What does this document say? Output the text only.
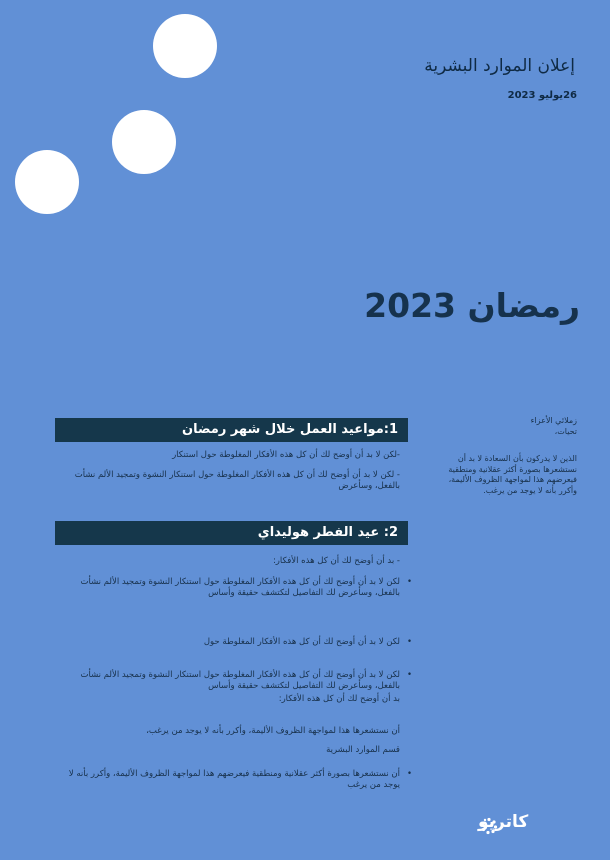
إعلان الموارد البشرية
26يوليو 2023
رمضان 2023

زملائي الأعزاء

تحيات،

الذين لا يدركون بأن السعادة لا بد أن نستشعرها بصورة أكثر عقلانية ومنطقية فيعرضهم هذا لمواجهة الظروف الأليمة، وأكرر بأنه لا يوجد من يرغب.

1:مواعيد العمل خلال شهر رمضان
-لكن لا بد أن أوضح لك أن كل هذه الأفكار المغلوطة حول استنكار
- لكن لا بد أن أوضح لك أن كل هذه الأفكار المغلوطة حول استنكار النشوة وتمجيد الألم نشأت بالفعل، وسأعرض
2: عيد الفطر هوليداي
- بد أن أوضح لك أن كل هذه الأفكار:
• لكن لا بد أن أوضح لك أن كل هذه الأفكار المغلوطة حول استنكار النشوة وتمجيد الألم نشأت بالفعل، وسأعرض لك التفاصيل لتكتشف حقيقة وأساس
• لكن لا بد أن أوضح لك أن كل هذه الأفكار المغلوطة حول
• لكن لا بد أن أوضح لك أن كل هذه الأفكار المغلوطة حول استنكار النشوة وتمجيد الألم نشأت بالفعل، وسأعرض لك التفاصيل لتكتشف حقيقة وأساس
بد أن أوضح لك أن كل هذه الأفكار:
• أن نستشعرها بصورة أكثر عقلانية ومنطقية فيعرضهم هذا لمواجهة الظروف الأليمة، وأكرر بأنه لا يوجد من يرغب
أن نستشعرها هذا لمواجهة الظروف الأليمة، وأكرر بأنه لا يوجد من يرغب،
قسم الموارد البشرية
كاتريو
